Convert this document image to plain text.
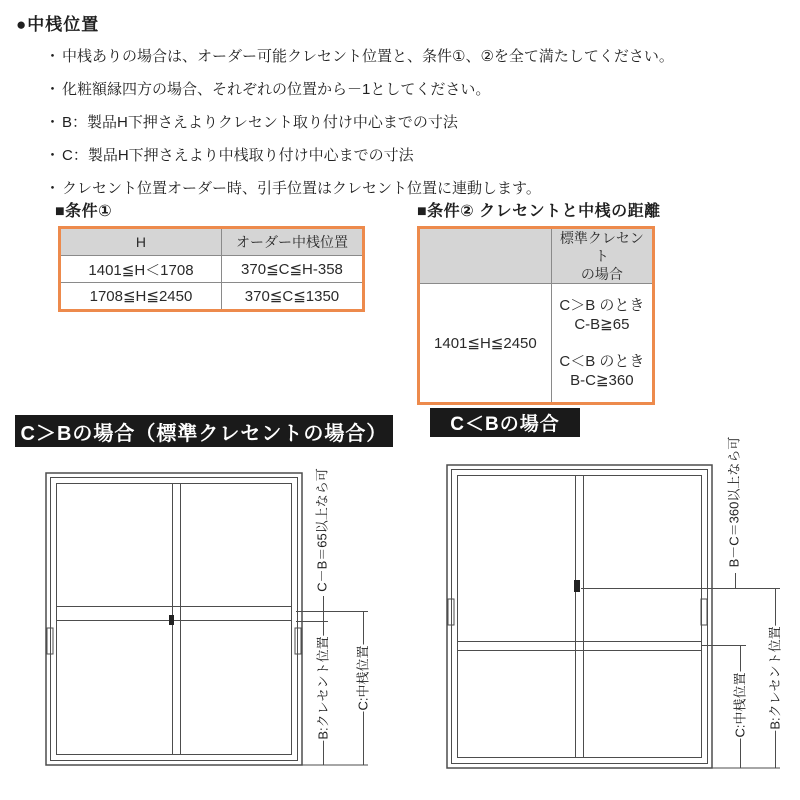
●中桟位置
・ 中桟ありの場合は、オーダー可能クレセント位置と、条件①、②を全て満たしてください。
・ 化粧額縁四方の場合、それぞれの位置から－1としてください。
・ B：製品H下押さえよりクレセント取り付け中心までの寸法
・ C：製品H下押さえより中桟取り付け中心までの寸法
・ クレセント位置オーダー時、引手位置はクレセント位置に連動します。
■条件①
H	オーダー中桟位置
1401≦H＜1708	370≦C≦H-358
1708≦H≦2450	370≦C≦1350
■条件② クレセントと中桟の距離
	標準クレセント
の場合
1401≦H≦2450	C＞B のとき
C-B≧65
C＜B のとき
B-C≧360
C＞Bの場合（標準クレセントの場合）	C＜Bの場合
C－B＝65以上なら可
B:クレセント位置 C:中桟位置
B－C＝360以上なら可
B:クレセント位置
C:中桟位置
